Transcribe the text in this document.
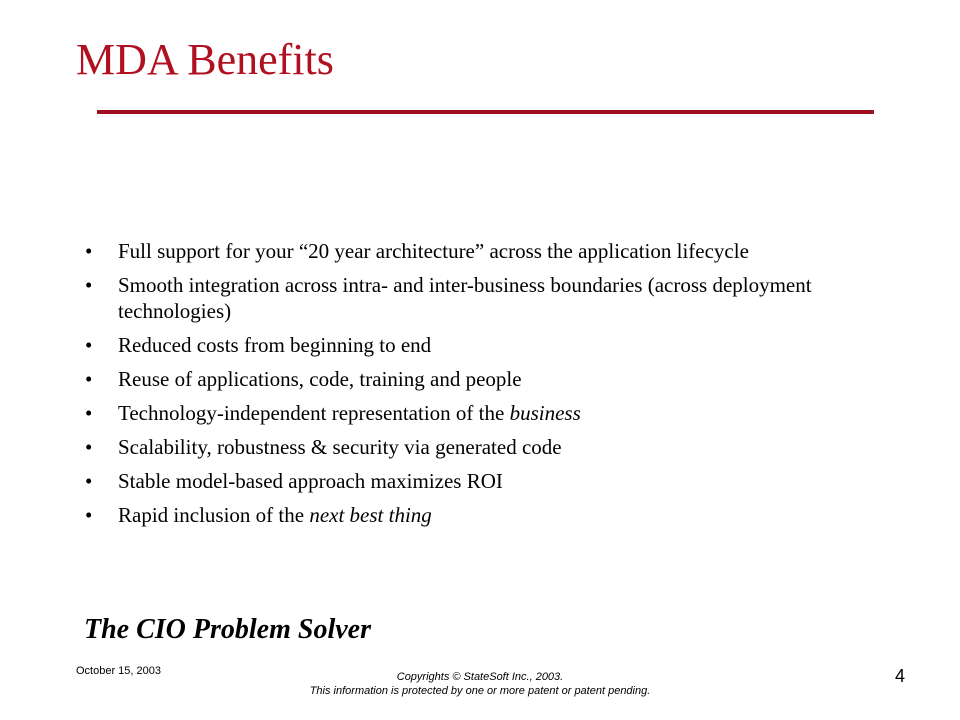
MDA Benefits
• Full support for your “20 year architecture” across the application lifecycle
• Smooth integration across intra- and inter-business boundaries (across deployment technologies)
• Reduced costs from beginning to end
• Reuse of applications, code, training and people
• Technology-independent representation of the business
• Scalability, robustness & security via generated code
• Stable model-based approach maximizes ROI
• Rapid inclusion of the next best thing
The CIO Problem Solver
October 15, 2003	Copyrights © StateSoft Inc., 2003.
This information is protected by one or more patent or patent pending.
4
